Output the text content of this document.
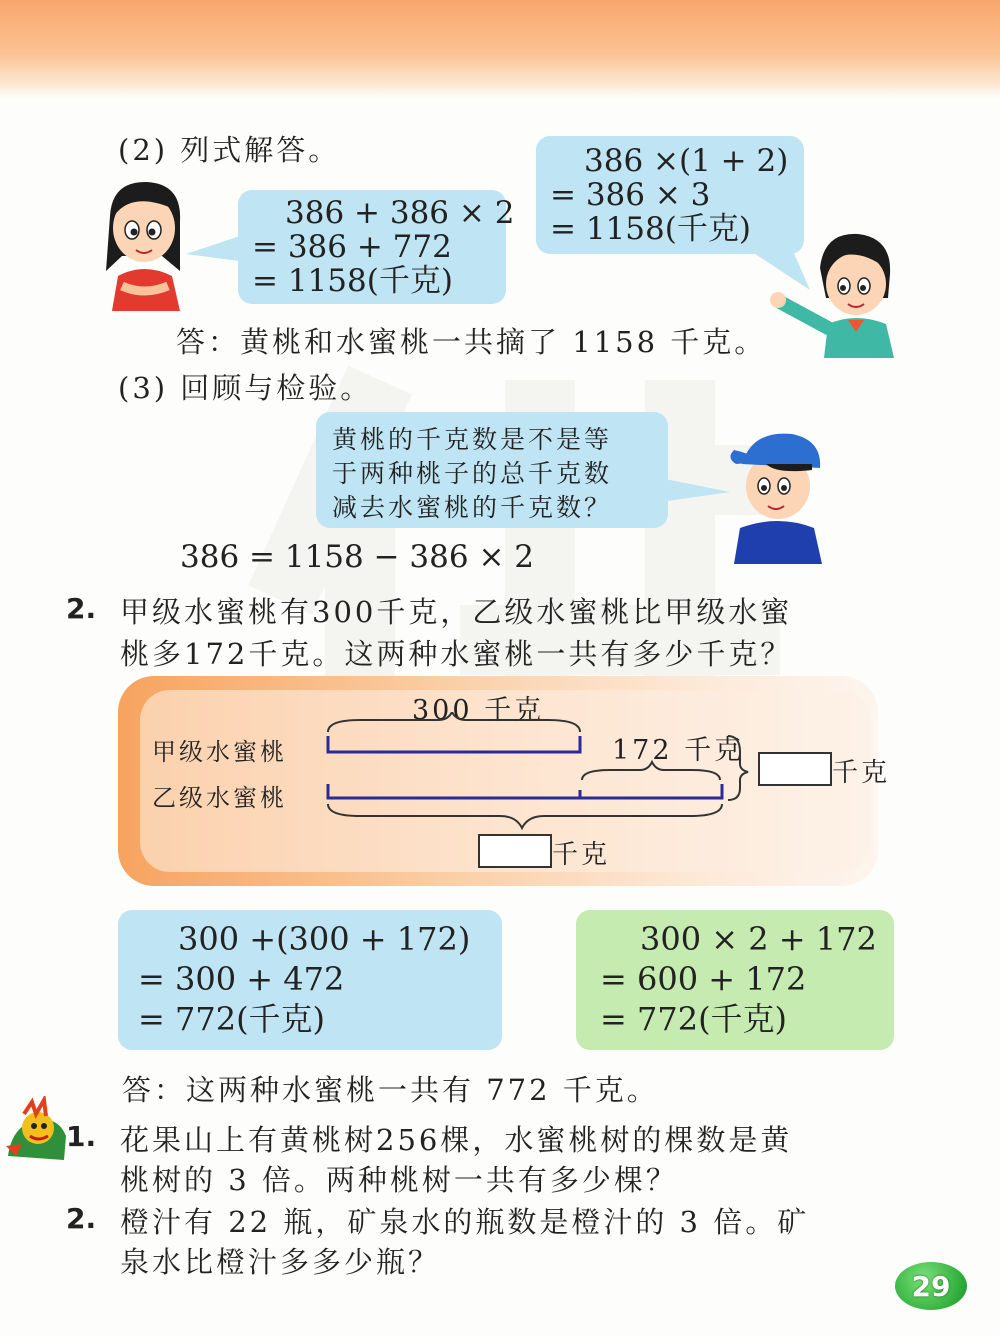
(2) 列式解答。
386 + 386 × 2
= 386 + 772
= 1158(千克)
386 ×(1 + 2)
= 386 × 3
= 1158(千克)
答：黄桃和水蜜桃一共摘了 1158 千克。
(3) 回顾与检验。
黄桃的千克数是不是等
于两种桃子的总千克数
减去水蜜桃的千克数？
386 = 1158 − 386 × 2
2. 甲级水蜜桃有300千克，乙级水蜜桃比甲级水蜜
桃多172千克。这两种水蜜桃一共有多少千克？
300 千克
甲级水蜜桃
乙级水蜜桃
172 千克
千克
千克
300 +(300 + 172)
= 300 + 472
= 772(千克)
300 × 2 + 172
= 600 + 172
= 772(千克)
答：这两种水蜜桃一共有 772 千克。
1. 花果山上有黄桃树256棵，水蜜桃树的棵数是黄
桃树的 3 倍。两种桃树一共有多少棵？
2. 橙汁有 22 瓶，矿泉水的瓶数是橙汁的 3 倍。矿
泉水比橙汁多多少瓶？
29
